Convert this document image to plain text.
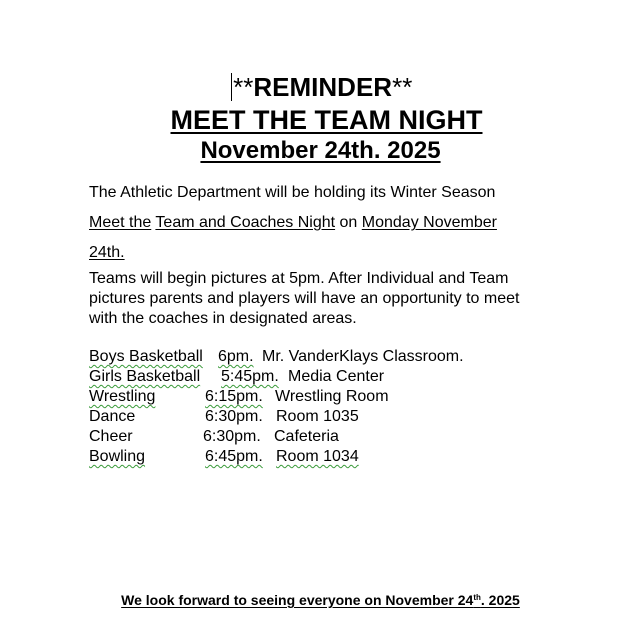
**REMINDER**
MEET THE TEAM NIGHT
November 24th. 2025
The Athletic Department will be holding its Winter Season
Meet the Team and Coaches Night on Monday November
24th.
Teams will begin pictures at 5pm. After Individual and Team
pictures parents and players will have an opportunity to meet
with the coaches in designated areas.
Boys Basketball 6pm. Mr. VanderKlays Classroom.
Girls Basketball 5:45pm. Media Center
Wrestling	6:15pm. Wrestling Room
Dance	6:30pm. Room 1035
Cheer	6:30pm. Cafeteria
Bowling	6:45pm. Room 1034
We look forward to seeing everyone on November 24th. 2025
